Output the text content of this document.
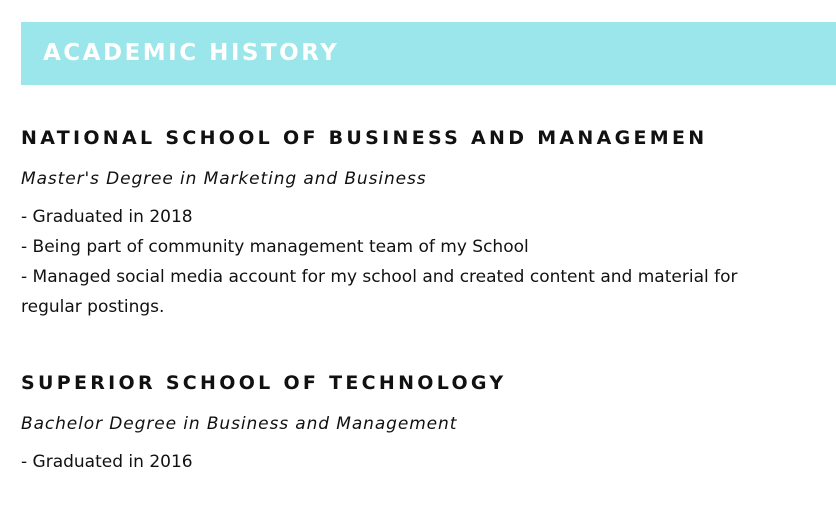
ACADEMIC HISTORY
NATIONAL SCHOOL OF BUSINESS AND MANAGEMEN
Master's Degree in Marketing and Business
- Graduated in 2018
- Being part of community management team of my School
- Managed social media account for my school and created content and material for
regular postings.
SUPERIOR SCHOOL OF TECHNOLOGY
Bachelor Degree in Business and Management
- Graduated in 2016
